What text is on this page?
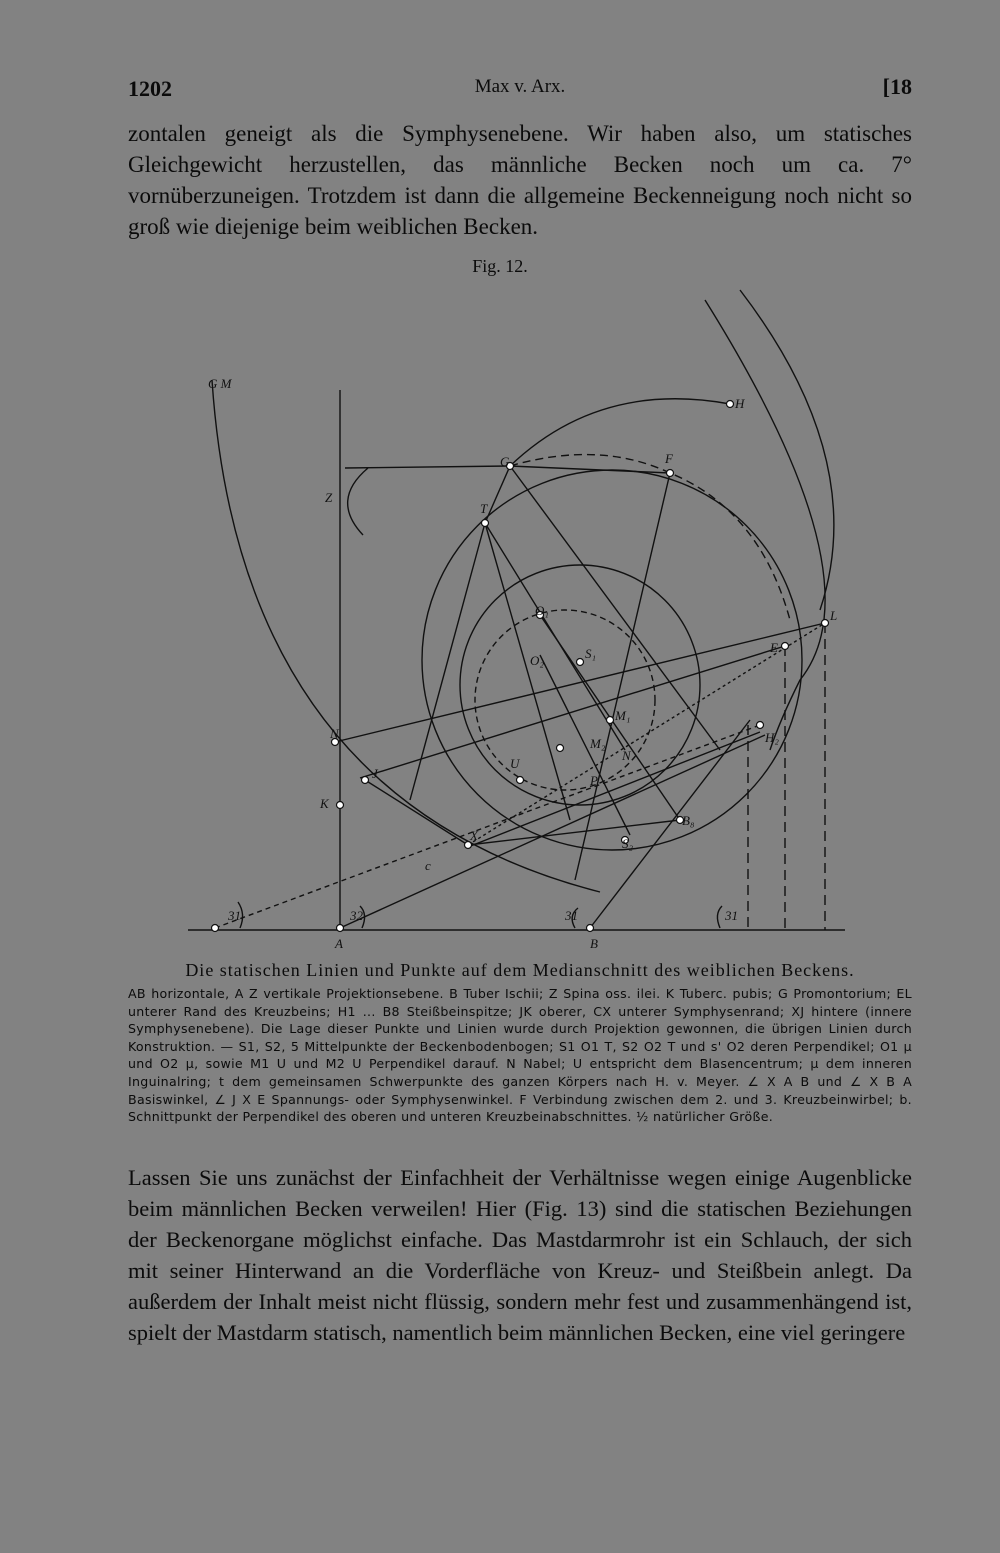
1202	Max v. Arx.	[18
zontalen geneigt als die Symphysenebene. Wir haben also, um statisches Gleichgewicht herzustellen, das männliche Becken noch um ca. 7° vornüberzuneigen. Trotzdem ist dann die allgemeine Beckenneigung noch nicht so groß wie diejenige beim weiblichen Becken.
Fig. 12.
G M
Z
A	B
K
N
J
X
c
T
G	F
H
L
E
O₁
O₂	S₁
M₁
M₂
N
U
P
S₂
B₈
H₂
31	32	31	31
Die statischen Linien und Punkte auf dem Medianschnitt des weiblichen Beckens.
AB horizontale, A Z vertikale Projektionsebene. B Tuber Ischii; Z Spina oss. ilei. K Tuberc. pubis; G Promontorium; EL unterer Rand des Kreuzbeins; H1 ... B8 Steißbeinspitze; JK oberer, CX unterer Symphysenrand; XJ hintere (innere Symphysenebene). Die Lage dieser Punkte und Linien wurde durch Projektion gewonnen, die übrigen Linien durch Konstruktion. — S1, S2, 5 Mittelpunkte der Beckenbodenbogen; S1 O1 T, S2 O2 T und s' O2 deren Perpendikel; O1 μ und O2 μ, sowie M1 U und M2 U Perpendikel darauf. N Nabel; U entspricht dem Blasencentrum; μ dem inneren Inguinalring; t dem gemeinsamen Schwerpunkte des ganzen Körpers nach H. v. Meyer. ∠ X A B und ∠ X B A Basiswinkel, ∠ J X E Spannungs- oder Symphysenwinkel. F Verbindung zwischen dem 2. und 3. Kreuzbeinwirbel; b. Schnittpunkt der Perpendikel des oberen und unteren Kreuzbeinabschnittes. ½ natürlicher Größe.
Lassen Sie uns zunächst der Einfachheit der Verhältnisse wegen einige Augenblicke beim männlichen Becken verweilen! Hier (Fig. 13) sind die statischen Beziehungen der Beckenorgane möglichst einfache. Das Mastdarmrohr ist ein Schlauch, der sich mit seiner Hinterwand an die Vorderfläche von Kreuz- und Steißbein anlegt. Da außerdem der Inhalt meist nicht flüssig, sondern mehr fest und zusammenhängend ist, spielt der Mastdarm statisch, namentlich beim männlichen Becken, eine viel geringere
